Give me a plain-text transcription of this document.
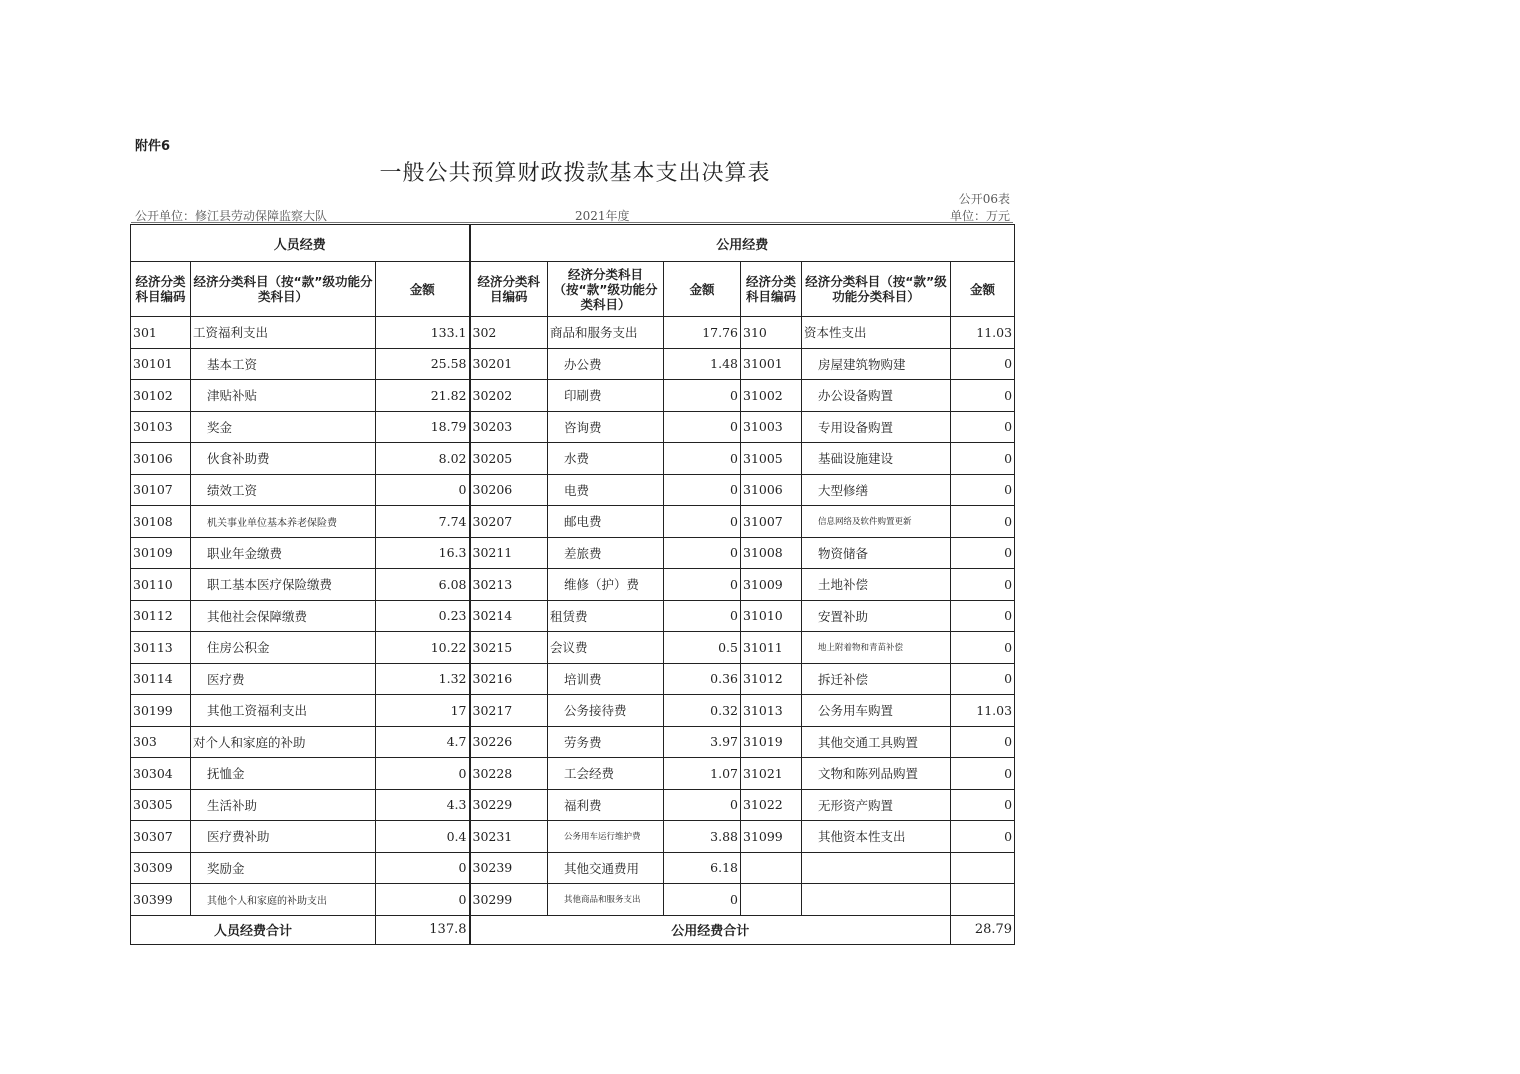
附件6
一般公共预算财政拨款基本支出决算表
公开06表
公开单位：修江县劳动保障监察大队	2021年度	单位：万元
人员经费			公用经费					
经济分类科目编码	经济分类科目（按“款”级功能分类科目）	金额	经济分类科目编码	经济分类科目（按“款”级功能分类科目）	金额	经济分类科目编码	经济分类科目（按“款”级功能分类科目）	金额
301	工资福利支出	133.1	302	商品和服务支出	17.76	310	资本性支出	11.03
30101	基本工资	25.58	30201	办公费	1.48	31001	房屋建筑物购建	0
30102	津贴补贴	21.82	30202	印刷费	0	31002	办公设备购置	0
30103	奖金	18.79	30203	咨询费	0	31003	专用设备购置	0
30106	伙食补助费	8.02	30205	水费	0	31005	基础设施建设	0
30107	绩效工资	0	30206	电费	0	31006	大型修缮	0
30108	机关事业单位基本养老保险费	7.74	30207	邮电费	0	31007	信息网络及软件购置更新	0
30109	职业年金缴费	16.3	30211	差旅费	0	31008	物资储备	0
30110	职工基本医疗保险缴费	6.08	30213	维修（护）费	0	31009	土地补偿	0
30112	其他社会保障缴费	0.23	30214	租赁费	0	31010	安置补助	0
30113	住房公积金	10.22	30215	会议费	0.5	31011	地上附着物和青苗补偿	0
30114	医疗费	1.32	30216	培训费	0.36	31012	拆迁补偿	0
30199	其他工资福利支出	17	30217	公务接待费	0.32	31013	公务用车购置	11.03
303	对个人和家庭的补助	4.7	30226	劳务费	3.97	31019	其他交通工具购置	0
30304	抚恤金	0	30228	工会经费	1.07	31021	文物和陈列品购置	0
30305	生活补助	4.3	30229	福利费	0	31022	无形资产购置	0
30307	医疗费补助	0.4	30231	公务用车运行维护费	3.88	31099	其他资本性支出	0
30309	奖励金	0	30239	其他交通费用	6.18			
30399	其他个人和家庭的补助支出	0	30299	其他商品和服务支出	0			
人员经费合计		137.8	公用经费合计					28.79
